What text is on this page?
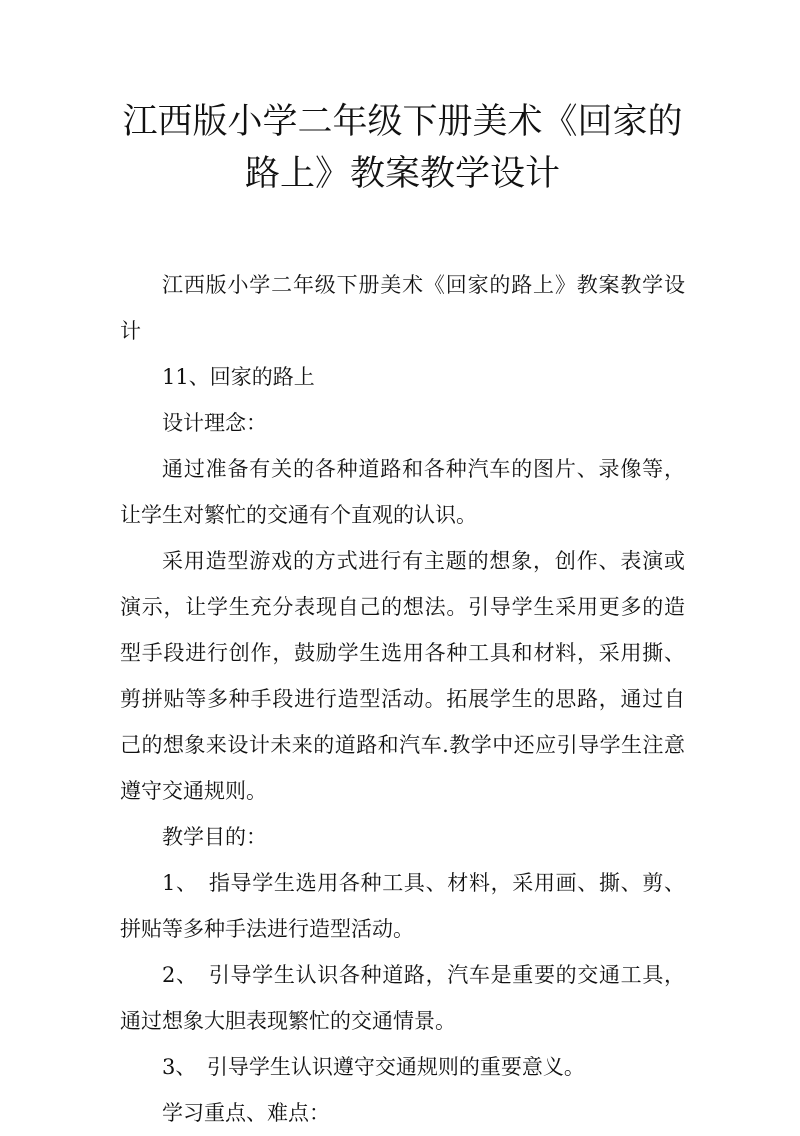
江西版小学二年级下册美术《回家的路上》教案教学设计

江西版小学二年级下册美术《回家的路上》教案教学设计

11、回家的路上

设计理念：

通过准备有关的各种道路和各种汽车的图片、录像等，让学生对繁忙的交通有个直观的认识。

采用造型游戏的方式进行有主题的想象，创作、表演或演示，让学生充分表现自己的想法。引导学生采用更多的造型手段进行创作，鼓励学生选用各种工具和材料，采用撕、剪拼贴等多种手段进行造型活动。拓展学生的思路，通过自己的想象来设计未来的道路和汽车.教学中还应引导学生注意遵守交通规则。

教学目的：

1、　指导学生选用各种工具、材料，采用画、撕、剪、拼贴等多种手法进行造型活动。

2、　引导学生认识各种道路，汽车是重要的交通工具，通过想象大胆表现繁忙的交通情景。

3、　引导学生认识遵守交通规则的重要意义。

学习重点、难点：
